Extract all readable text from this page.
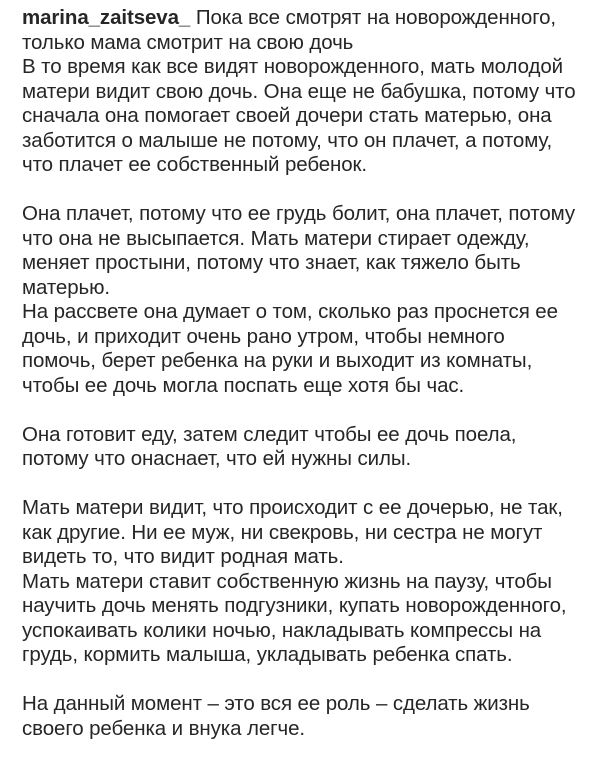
marina_zaitseva_ Пока все смотрят на новорожденного, только мама смотрит на свою дочь

В то время как все видят новорожденного, мать молодой матери видит свою дочь. Она еще не бабушка, потому что сначала она помогает своей дочери стать матерью, она заботится о малыше не потому, что он плачет, а потому, что плачет ее собственный ребенок.

Она плачет, потому что ее грудь болит, она плачет, потому что она не высыпается. Мать матери стирает одежду, меняет простыни, потому что знает, как тяжело быть матерью.

На рассвете она думает о том, сколько раз проснется ее дочь, и приходит очень рано утром, чтобы немного помочь, берет ребенка на руки и выходит из комнаты, чтобы ее дочь могла поспать еще хотя бы час.

Она готовит еду, затем следит чтобы ее дочь поела, потому что онаснает, что ей нужны силы.

Мать матери видит, что происходит с ее дочерью, не так, как другие. Ни ее муж, ни свекровь, ни сестра не могут видеть то, что видит родная мать.

Мать матери ставит собственную жизнь на паузу, чтобы научить дочь менять подгузники, купать новорожденного, успокаивать колики ночью, накладывать компрессы на грудь, кормить малыша, укладывать ребенка спать.

На данный момент – это вся ее роль – сделать жизнь своего ребенка и внука легче.
